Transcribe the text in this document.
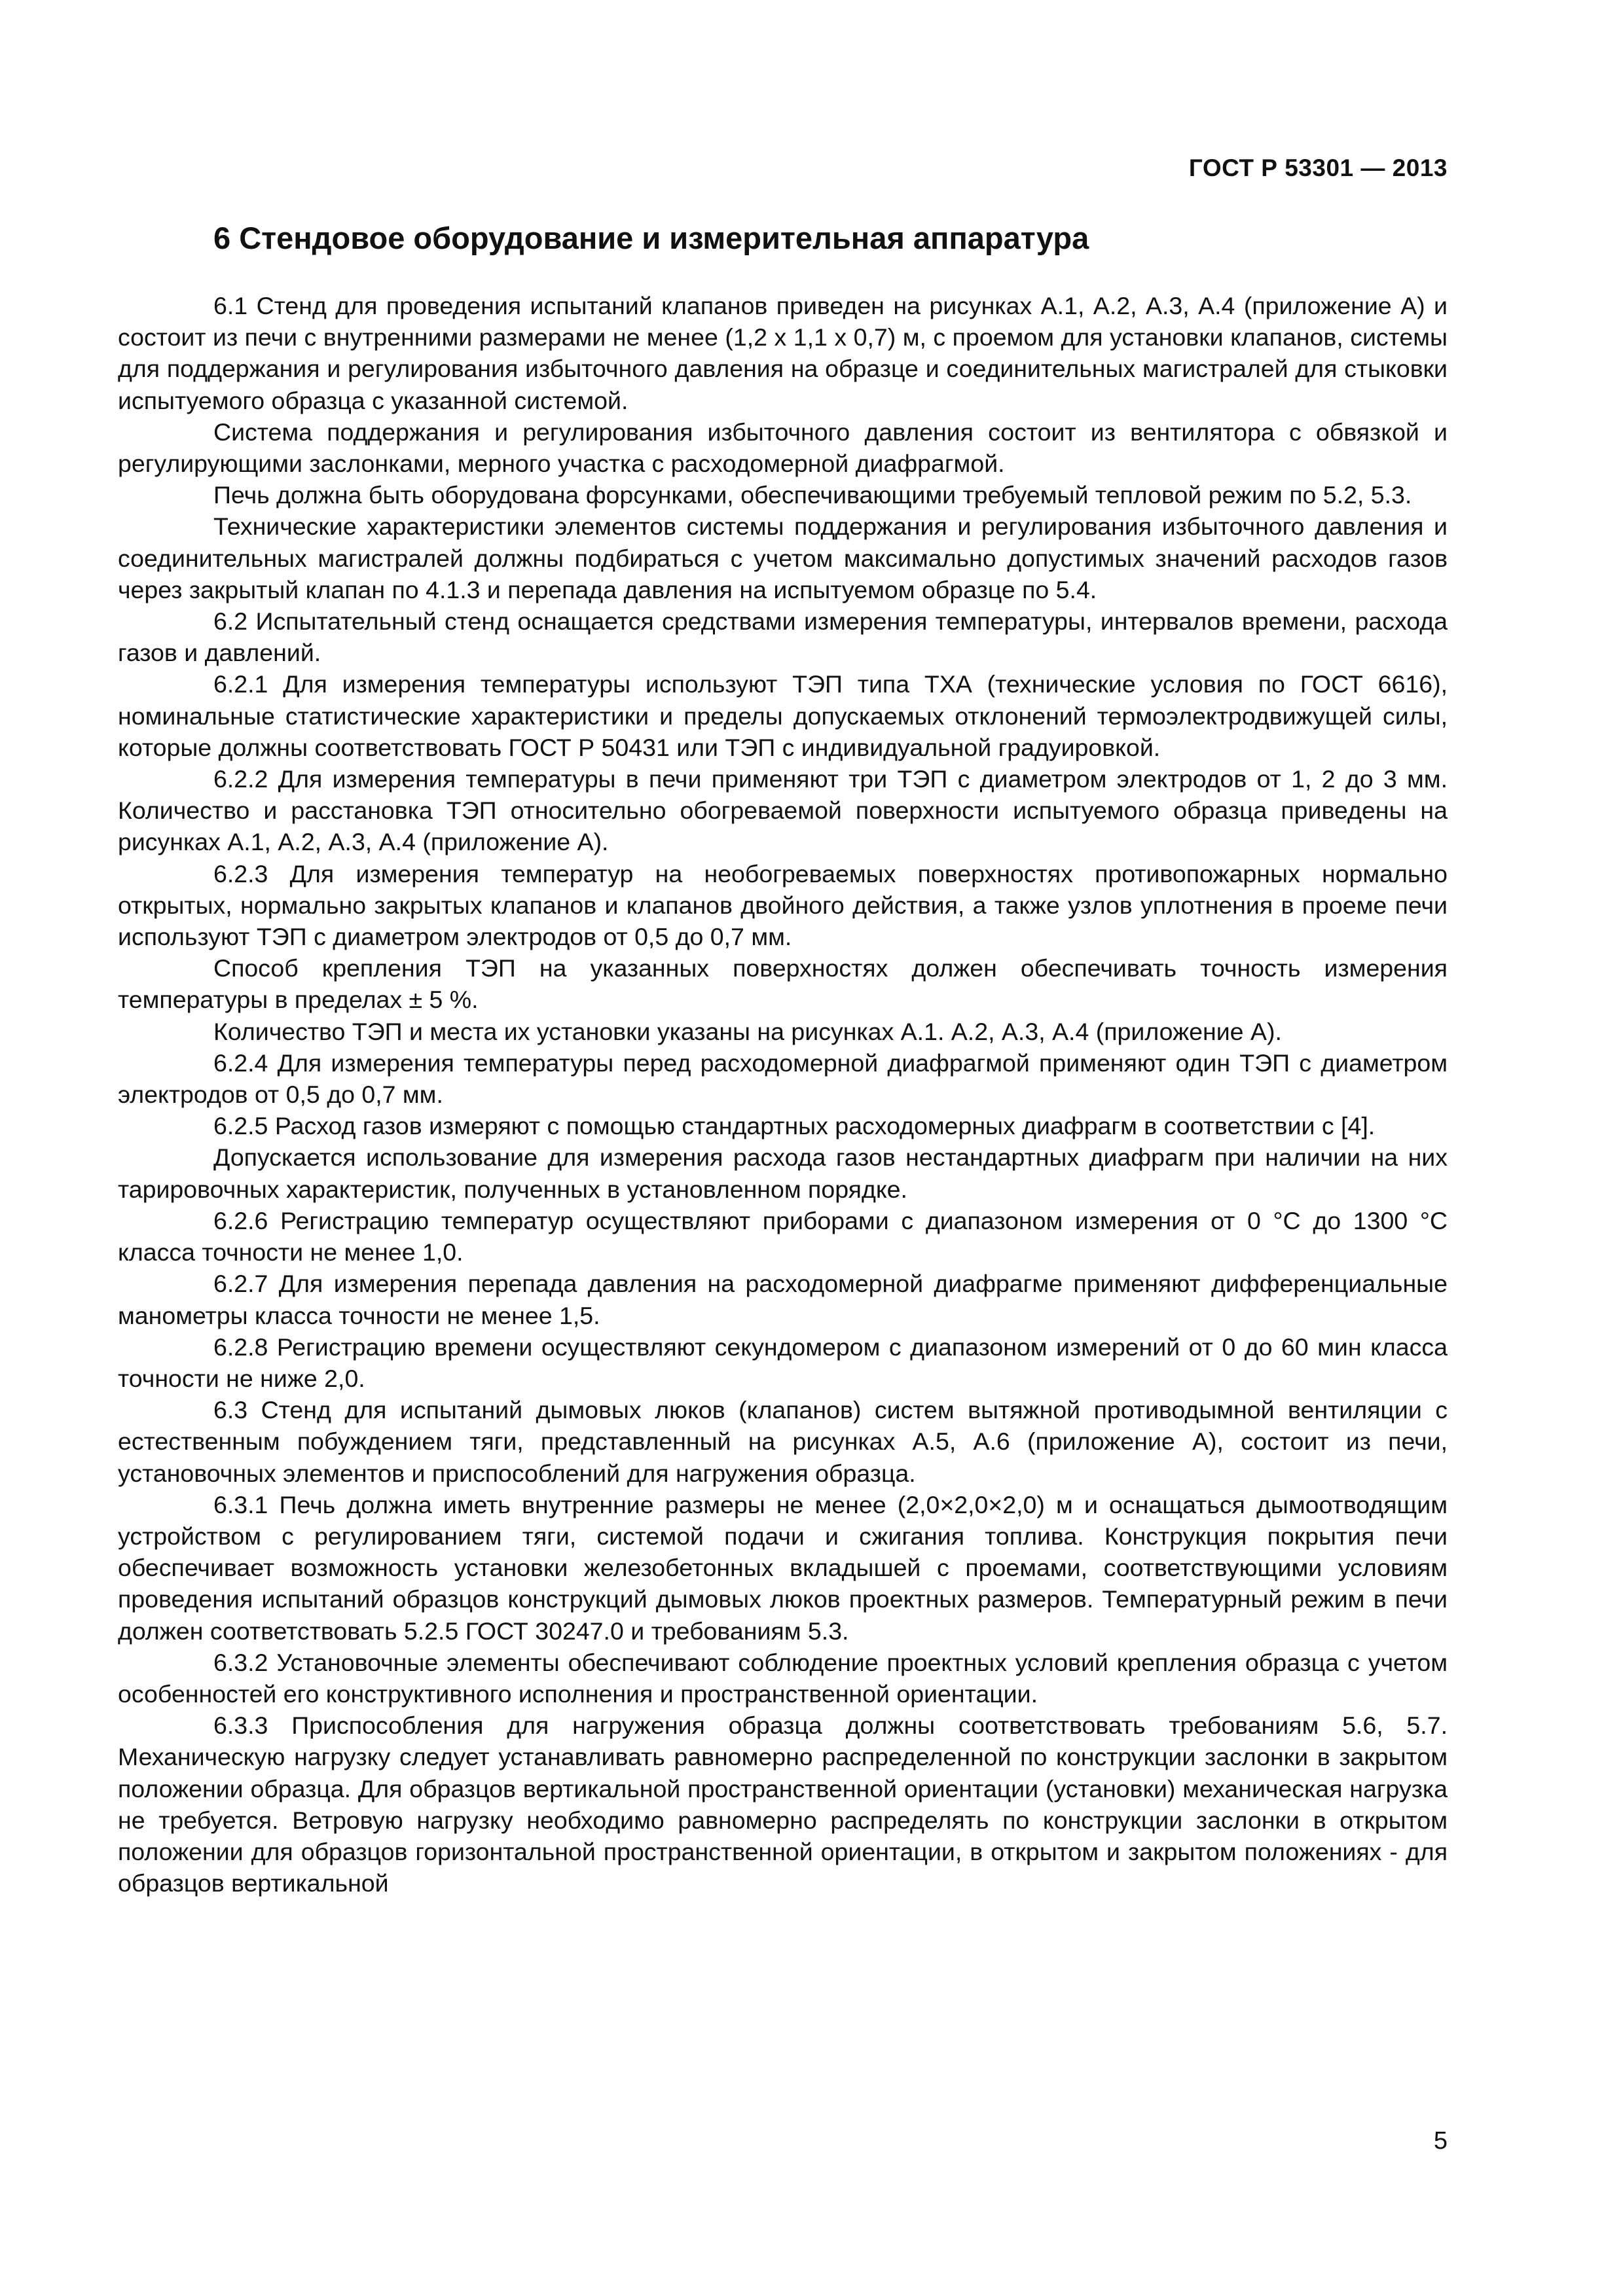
ГОСТ Р 53301 — 2013
6 Стендовое оборудование и измерительная аппаратура

6.1 Стенд для проведения испытаний клапанов приведен на рисунках А.1, А.2, А.3, А.4 (приложение А) и состоит из печи с внутренними размерами не менее (1,2 х 1,1 х 0,7) м, с проемом для установки клапанов, системы для поддержания и регулирования избыточного давления на образце и соединительных магистралей для стыковки испытуемого образца с указанной системой.

Система поддержания и регулирования избыточного давления состоит из вентилятора с обвязкой и регулирующими заслонками, мерного участка с расходомерной диафрагмой.

Печь должна быть оборудована форсунками, обеспечивающими требуемый тепловой режим по 5.2, 5.3.

Технические характеристики элементов системы поддержания и регулирования избыточного давления и соединительных магистралей должны подбираться с учетом максимально допустимых значений расходов газов через закрытый клапан по 4.1.3 и перепада давления на испытуемом образце по 5.4.

6.2 Испытательный стенд оснащается средствами измерения температуры, интервалов времени, расхода газов и давлений.

6.2.1 Для измерения температуры используют ТЭП типа ТХА (технические условия по ГОСТ 6616), номинальные статистические характеристики и пределы допускаемых отклонений термоэлектродвижущей силы, которые должны соответствовать ГОСТ Р 50431 или ТЭП с индивидуальной градуировкой.

6.2.2 Для измерения температуры в печи применяют три ТЭП с диаметром электродов от 1, 2 до 3 мм. Количество и расстановка ТЭП относительно обогреваемой поверхности испытуемого образца приведены на рисунках А.1, А.2, А.3, А.4 (приложение А).

6.2.3 Для измерения температур на необогреваемых поверхностях противопожарных нормально открытых, нормально закрытых клапанов и клапанов двойного действия, а также узлов уплотнения в проеме печи используют ТЭП с диаметром электродов от 0,5 до 0,7 мм.

Способ крепления ТЭП на указанных поверхностях должен обеспечивать точность измерения температуры в пределах ± 5 %.

Количество ТЭП и места их установки указаны на рисунках А.1. А.2, А.3, А.4 (приложение А).

6.2.4 Для измерения температуры перед расходомерной диафрагмой применяют один ТЭП с диаметром электродов от 0,5 до 0,7 мм.

6.2.5 Расход газов измеряют с помощью стандартных расходомерных диафрагм в соответствии с [4].

Допускается использование для измерения расхода газов нестандартных диафрагм при наличии на них тарировочных характеристик, полученных в установленном порядке.

6.2.6 Регистрацию температур осуществляют приборами с диапазоном измерения от 0 °С до 1300 °С класса точности не менее 1,0.

6.2.7 Для измерения перепада давления на расходомерной диафрагме применяют дифференциальные манометры класса точности не менее 1,5.

6.2.8 Регистрацию времени осуществляют секундомером с диапазоном измерений от 0 до 60 мин класса точности не ниже 2,0.

6.3 Стенд для испытаний дымовых люков (клапанов) систем вытяжной противодымной вентиляции с естественным побуждением тяги, представленный на рисунках А.5, А.6 (приложение А), состоит из печи, установочных элементов и приспособлений для нагружения образца.

6.3.1 Печь должна иметь внутренние размеры не менее (2,0×2,0×2,0) м и оснащаться дымоотводящим устройством с регулированием тяги, системой подачи и сжигания топлива. Конструкция покрытия печи обеспечивает возможность установки железобетонных вкладышей с проемами, соответствующими условиям проведения испытаний образцов конструкций дымовых люков проектных размеров. Температурный режим в печи должен соответствовать 5.2.5 ГОСТ 30247.0 и требованиям 5.3.

6.3.2 Установочные элементы обеспечивают соблюдение проектных условий крепления образца с учетом особенностей его конструктивного исполнения и пространственной ориентации.

6.3.3 Приспособления для нагружения образца должны соответствовать требованиям 5.6, 5.7. Механическую нагрузку следует устанавливать равномерно распределенной по конструкции заслонки в закрытом положении образца. Для образцов вертикальной пространственной ориентации (установки) механическая нагрузка не требуется. Ветровую нагрузку необходимо равномерно распределять по конструкции заслонки в открытом положении для образцов горизонтальной пространственной ориентации, в открытом и закрытом положениях - для образцов вертикальной

5
